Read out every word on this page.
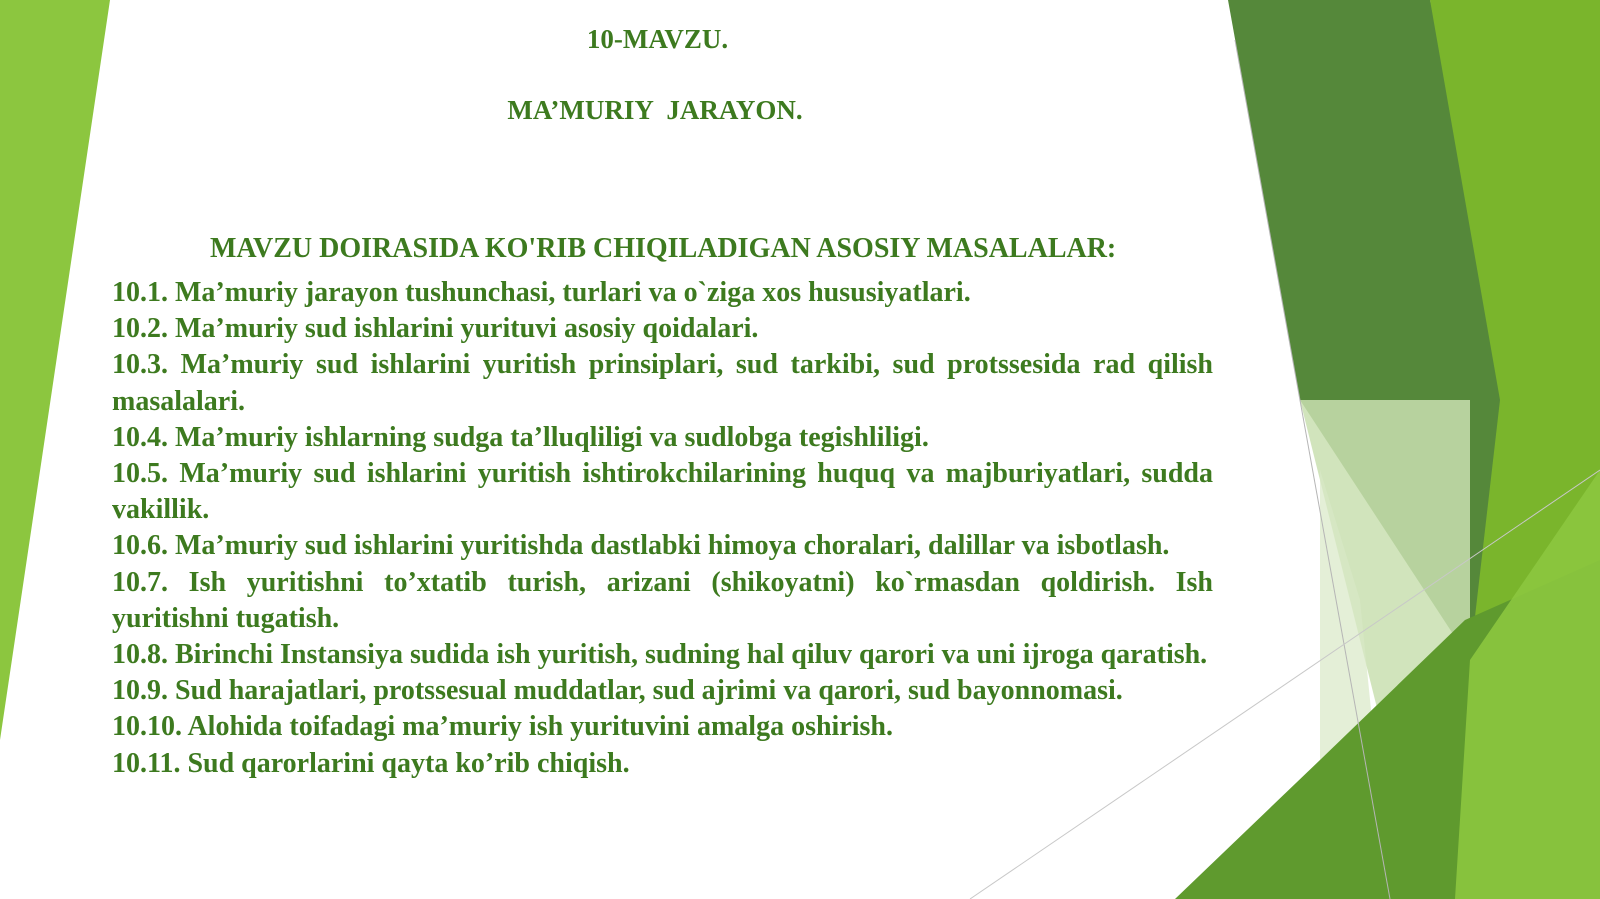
10-MAVZU.
MA’MURIY  JARAYON.
MAVZU DOIRASIDA KO'RIB CHIQILADIGAN ASOSIY MASALALAR:
10.1. Ma’muriy jarayon tushunchasi, turlari va o`ziga xos hususiyatlari.
10.2. Ma’muriy sud ishlarini yurituvi asosiy qoidalari.
10.3. Ma’muriy sud ishlarini yuritish prinsiplari, sud tarkibi, sud protssesida rad qilish masalalari.
10.4. Ma’muriy ishlarning sudga ta’lluqliligi va sudlobga tegishliligi.
10.5. Ma’muriy sud ishlarini yuritish ishtirokchilarining huquq va majburiyatlari, sudda vakillik.
10.6. Ma’muriy sud ishlarini yuritishda dastlabki himoya choralari, dalillar va isbotlash.
10.7. Ish yuritishni to’xtatib turish, arizani (shikoyatni) ko`rmasdan qoldirish. Ish yuritishni tugatish.
10.8. Birinchi Instansiya sudida ish yuritish, sudning hal qiluv qarori va uni ijroga qaratish.
10.9. Sud harajatlari, protssesual muddatlar, sud ajrimi va qarori, sud bayonnomasi.
10.10. Alohida toifadagi ma’muriy ish yurituvini amalga oshirish.
10.11. Sud qarorlarini qayta ko’rib chiqish.
